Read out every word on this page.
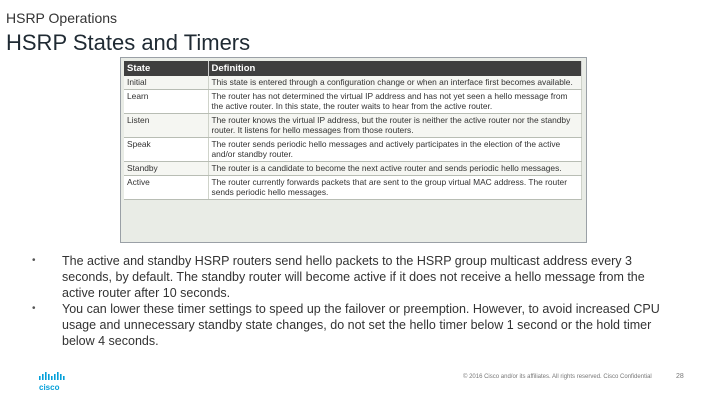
HSRP Operations
HSRP States and Timers
State	Definition
Initial	This state is entered through a configuration change or when an interface first becomes available.
Learn	The router has not determined the virtual IP address and has not yet seen a hello message from the active router. In this state, the router waits to hear from the active router.
Listen	The router knows the virtual IP address, but the router is neither the active router nor the standby router. It listens for hello messages from those routers.
Speak	The router sends periodic hello messages and actively participates in the election of the active and/or standby router.
Standby	The router is a candidate to become the next active router and sends periodic hello messages.
Active	The router currently forwards packets that are sent to the group virtual MAC address. The router sends periodic hello messages.
• The active and standby HSRP routers send hello packets to the HSRP group multicast address every 3 seconds, by default. The standby router will become active if it does not receive a hello message from the active router after 10 seconds.
• You can lower these timer settings to speed up the failover or preemption. However, to avoid increased CPU usage and unnecessary standby state changes, do not set the hello timer below 1 second or the hold timer below 4 seconds.
cisco
© 2016 Cisco and/or its affiliates. All rights reserved. Cisco Confidential	28
